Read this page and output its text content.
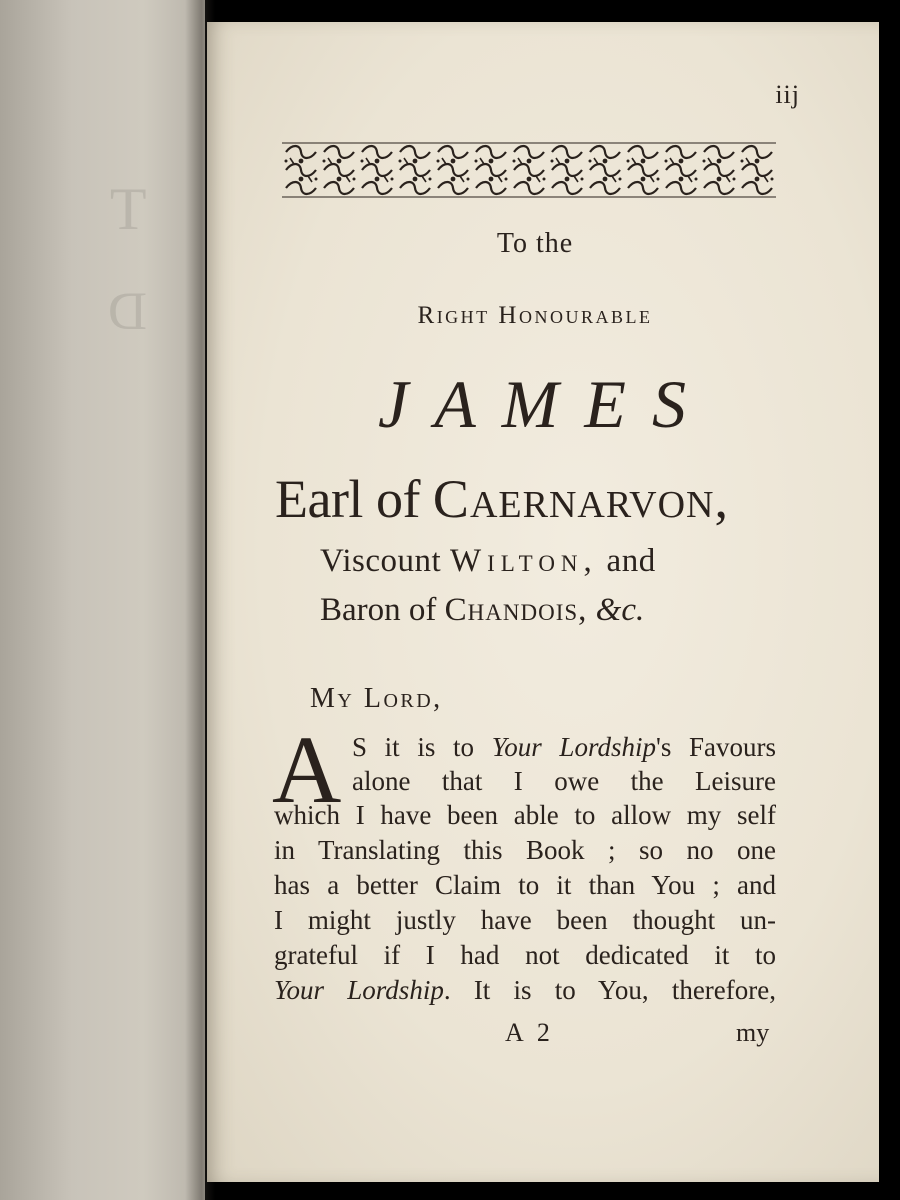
T
D
iij
To the
Right Honourable
JAMES
Earl of Caernarvon,
Viscount Wilton, and
Baron of Chandois, &c.
My Lord,
A S it is to Your Lordship's Favours
alone that I owe the Leisure
which I have been able to allow my self
in Translating this Book ; so no one
has a better Claim to it than You ; and
I might justly have been thought un-
grateful if I had not dedicated it to
Your Lordship. It is to You, therefore,
A 2	my
